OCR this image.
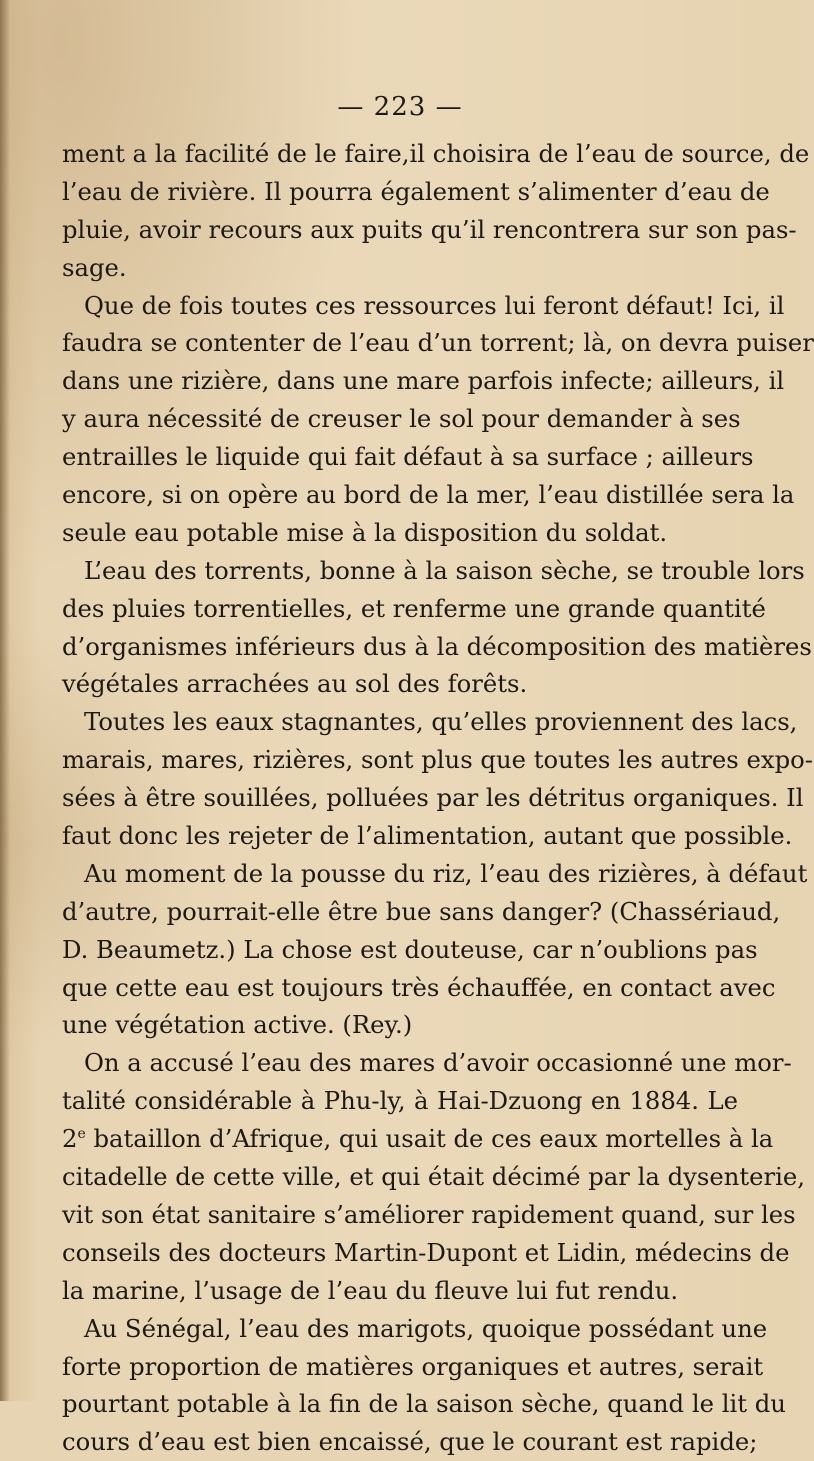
— 223 —
ment a la facilité de le faire,il choisira de l’eau de source, de
l’eau de rivière. Il pourra également s’alimenter d’eau de
pluie, avoir recours aux puits qu’il rencontrera sur son pas-
sage.
Que de fois toutes ces ressources lui feront défaut! Ici, il
faudra se contenter de l’eau d’un torrent; là, on devra puiser
dans une rizière, dans une mare parfois infecte; ailleurs, il
y aura nécessité de creuser le sol pour demander à ses
entrailles le liquide qui fait défaut à sa surface ; ailleurs
encore, si on opère au bord de la mer, l’eau distillée sera la
seule eau potable mise à la disposition du soldat.
L’eau des torrents, bonne à la saison sèche, se trouble lors
des pluies torrentielles, et renferme une grande quantité
d’organismes inférieurs dus à la décomposition des matières
végétales arrachées au sol des forêts.
Toutes les eaux stagnantes, qu’elles proviennent des lacs,
marais, mares, rizières, sont plus que toutes les autres expo-
sées à être souillées, polluées par les détritus organiques. Il
faut donc les rejeter de l’alimentation, autant que possible.
Au moment de la pousse du riz, l’eau des rizières, à défaut
d’autre, pourrait-elle être bue sans danger? (Chassériaud,
D. Beaumetz.) La chose est douteuse, car n’oublions pas
que cette eau est toujours très échauffée, en contact avec
une végétation active. (Rey.)
On a accusé l’eau des mares d’avoir occasionné une mor-
talité considérable à Phu-ly, à Hai-Dzuong en 1884. Le
2e bataillon d’Afrique, qui usait de ces eaux mortelles à la
citadelle de cette ville, et qui était décimé par la dysenterie,
vit son état sanitaire s’améliorer rapidement quand, sur les
conseils des docteurs Martin-Dupont et Lidin, médecins de
la marine, l’usage de l’eau du fleuve lui fut rendu.
Au Sénégal, l’eau des marigots, quoique possédant une
forte proportion de matières organiques et autres, serait
pourtant potable à la fin de la saison sèche, quand le lit du
cours d’eau est bien encaissé, que le courant est rapide;
